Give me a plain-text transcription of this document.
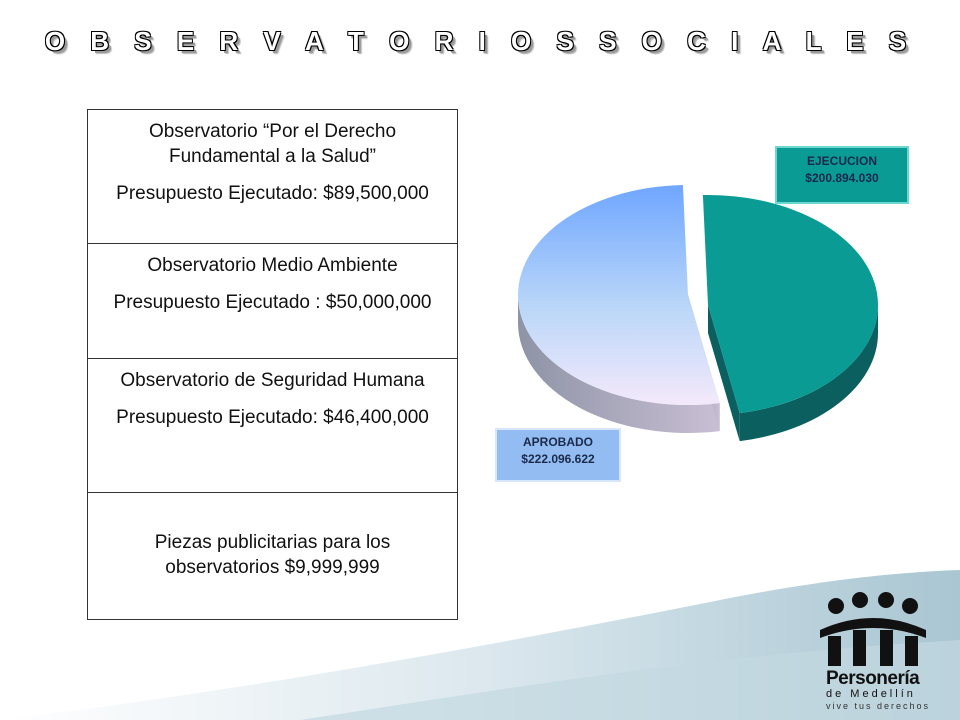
O B S E R V A T O R I O S S O C I A L E S
Observatorio “Por el Derecho Fundamental a la Salud”
Presupuesto Ejecutado: $89,500,000

Observatorio Medio Ambiente
Presupuesto Ejecutado : $50,000,000

Observatorio de Seguridad Humana
Presupuesto Ejecutado: $46,400,000

Piezas publicitarias para los observatorios $9,999,999
EJECUCION
$200.894.030
APROBADO
$222.096.622
Personería
de Medellín
vive tus derechos
